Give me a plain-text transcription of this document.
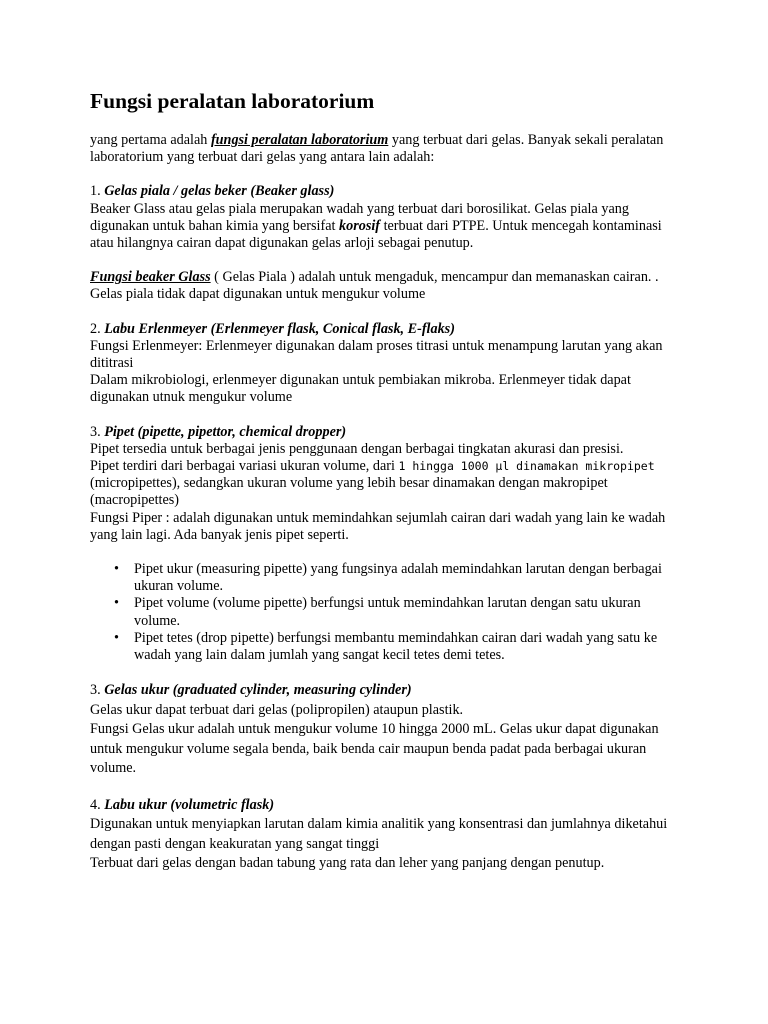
Fungsi peralatan laboratorium

yang pertama adalah fungsi peralatan laboratorium yang terbuat dari gelas. Banyak sekali peralatan laboratorium yang terbuat dari gelas yang antara lain adalah:

1. Gelas piala / gelas beker (Beaker glass)

Beaker Glass atau gelas piala merupakan wadah yang terbuat dari borosilikat. Gelas piala yang digunakan untuk bahan kimia yang bersifat korosif terbuat dari PTPE. Untuk mencegah kontaminasi atau hilangnya cairan dapat digunakan gelas arloji sebagai penutup.

Fungsi beaker Glass ( Gelas Piala ) adalah untuk mengaduk, mencampur dan memanaskan cairan. . Gelas piala tidak dapat digunakan untuk mengukur volume

2. Labu Erlenmeyer (Erlenmeyer flask, Conical flask, E-flaks)

Fungsi Erlenmeyer: Erlenmeyer digunakan dalam proses titrasi untuk menampung larutan yang akan dititrasi

Dalam mikrobiologi, erlenmeyer digunakan untuk pembiakan mikroba. Erlenmeyer tidak dapat digunakan utnuk mengukur volume

3. Pipet (pipette, pipettor, chemical dropper)

Pipet tersedia untuk berbagai jenis penggunaan dengan berbagai tingkatan akurasi dan presisi.

Pipet terdiri dari berbagai variasi ukuran volume, dari 1 hingga 1000 µl dinamakan mikropipet (micropipettes), sedangkan ukuran volume yang lebih besar dinamakan dengan makropipet (macropipettes)

Fungsi Piper : adalah digunakan untuk memindahkan sejumlah cairan dari wadah yang lain ke wadah yang lain lagi. Ada banyak jenis pipet seperti.

• Pipet ukur (measuring pipette) yang fungsinya adalah memindahkan larutan dengan berbagai ukuran volume.
• Pipet volume (volume pipette) berfungsi untuk memindahkan larutan dengan satu ukuran volume.
• Pipet tetes (drop pipette) berfungsi membantu memindahkan cairan dari wadah yang satu ke wadah yang lain dalam jumlah yang sangat kecil tetes demi tetes.

3. Gelas ukur (graduated cylinder, measuring cylinder)

Gelas ukur dapat terbuat dari gelas (polipropilen) ataupun plastik.

Fungsi Gelas ukur adalah untuk mengukur volume 10 hingga 2000 mL. Gelas ukur dapat digunakan untuk mengukur volume segala benda, baik benda cair maupun benda padat pada berbagai ukuran volume.

4. Labu ukur (volumetric flask)

Digunakan untuk menyiapkan larutan dalam kimia analitik yang konsentrasi dan jumlahnya diketahui dengan pasti dengan keakuratan yang sangat tinggi

Terbuat dari gelas dengan badan tabung yang rata dan leher yang panjang dengan penutup.
